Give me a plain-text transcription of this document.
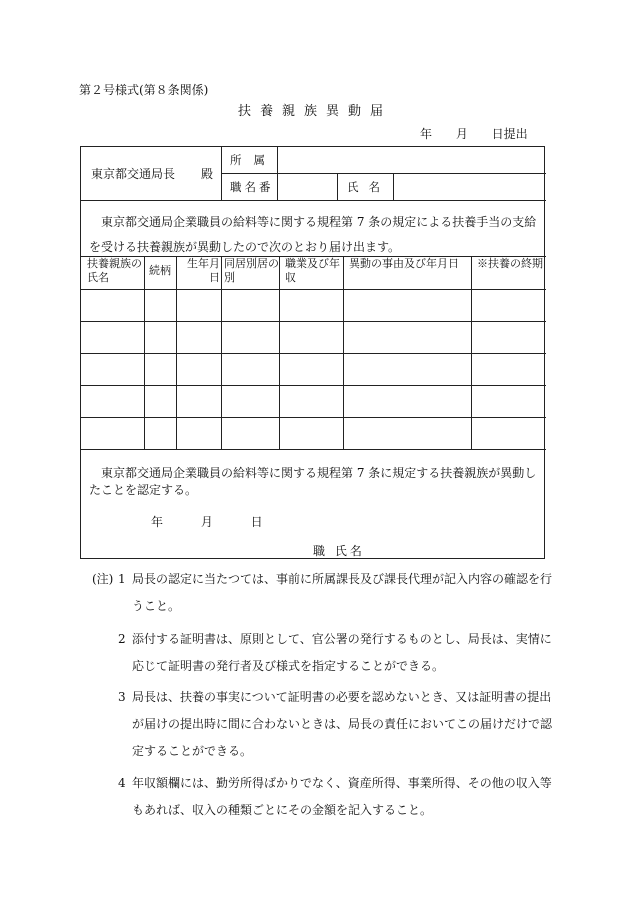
第２号様式(第８条関係)
扶養親族異動届
年 月 日提出
東京都交通局長 殿
所属
職名番	氏名
東京都交通局企業職員の給料等に関する規程第 7 条の規定による扶養手当の支給を受ける扶養親族が異動したので次のとおり届け出ます。
扶養親族の氏名
続柄
生年月日
同居別居の別
職業及び年収
異動の事由及び年月日	※扶養の終期
東京都交通局企業職員の給料等に関する規程第 7 条に規定する扶養親族が異動したことを認定する。
年 月 日
職 氏名
(注) 1 局長の認定に当たつては、事前に所属課長及び課長代理が記入内容の確認を行うこと。
2 添付する証明書は、原則として、官公署の発行するものとし、局長は、実情に応じて証明書の発行者及び様式を指定することができる。
3 局長は、扶養の事実について証明書の必要を認めないとき、又は証明書の提出が届けの提出時に間に合わないときは、局長の責任においてこの届けだけで認定することができる。
4 年収額欄には、勤労所得ばかりでなく、資産所得、事業所得、その他の収入等もあれば、収入の種類ごとにその金額を記入すること。
